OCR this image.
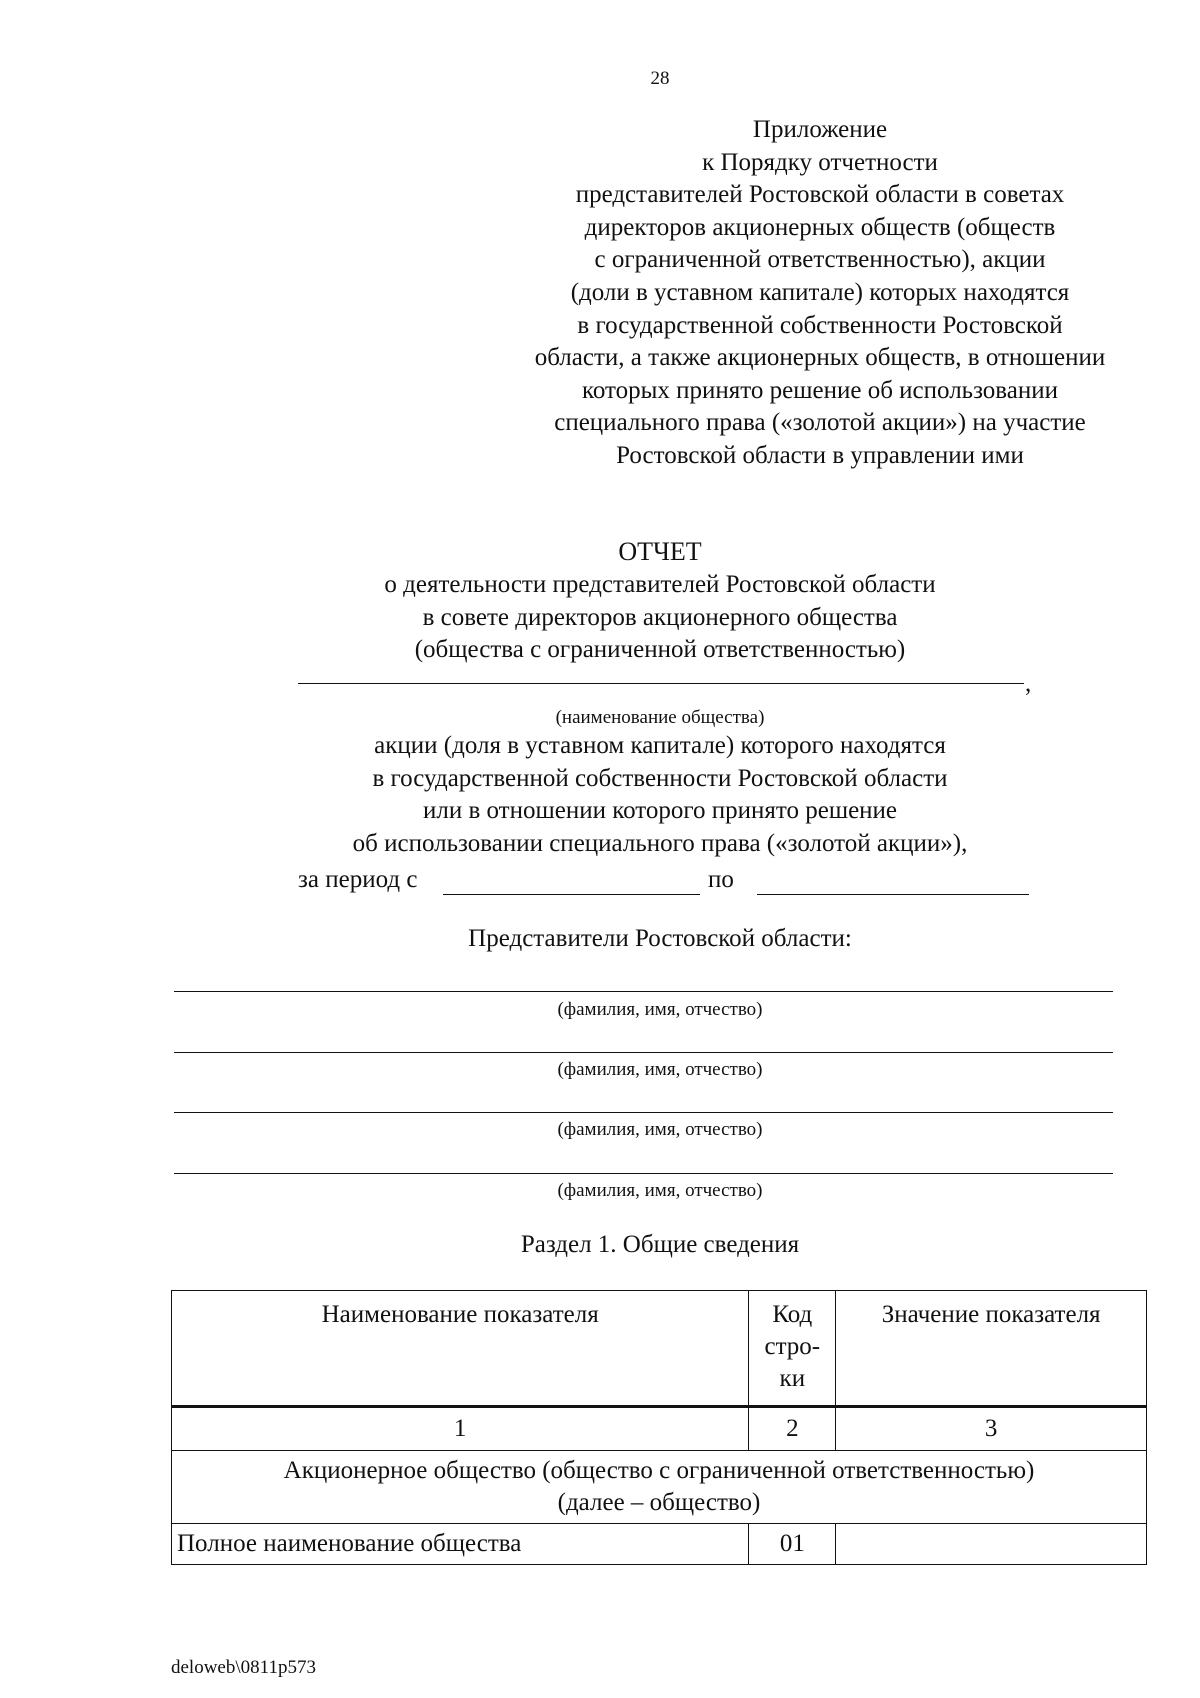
28
Приложение
к Порядку отчетности
представителей Ростовской области в советах
директоров акционерных обществ (обществ
с ограниченной ответственностью), акции
(доли в уставном капитале) которых находятся
в государственной собственности Ростовской
области, а также акционерных обществ, в отношении
которых принято решение об использовании
специального права («золотой акции») на участие
Ростовской области в управлении ими
ОТЧЕТ
о деятельности представителей Ростовской области
в совете директоров акционерного общества
(общества с ограниченной ответственностью)
,
(наименование общества)
акции (доля в уставном капитале) которого находятся
в государственной собственности Ростовской области
или в отношении которого принято решение
об использовании специального права («золотой акции»),
за период с	по
Представители Ростовской области:
(фамилия, имя, отчество)
(фамилия, имя, отчество)
(фамилия, имя, отчество)
(фамилия, имя, отчество)
Раздел 1. Общие сведения
Наименование показателя	Код
стро-
ки	Значение показателя
1	2	3

Акционерное общество (общество с ограниченной ответственностью)
(далее – общество)		

Полное наименование общества	01	
deloweb\0811p573
